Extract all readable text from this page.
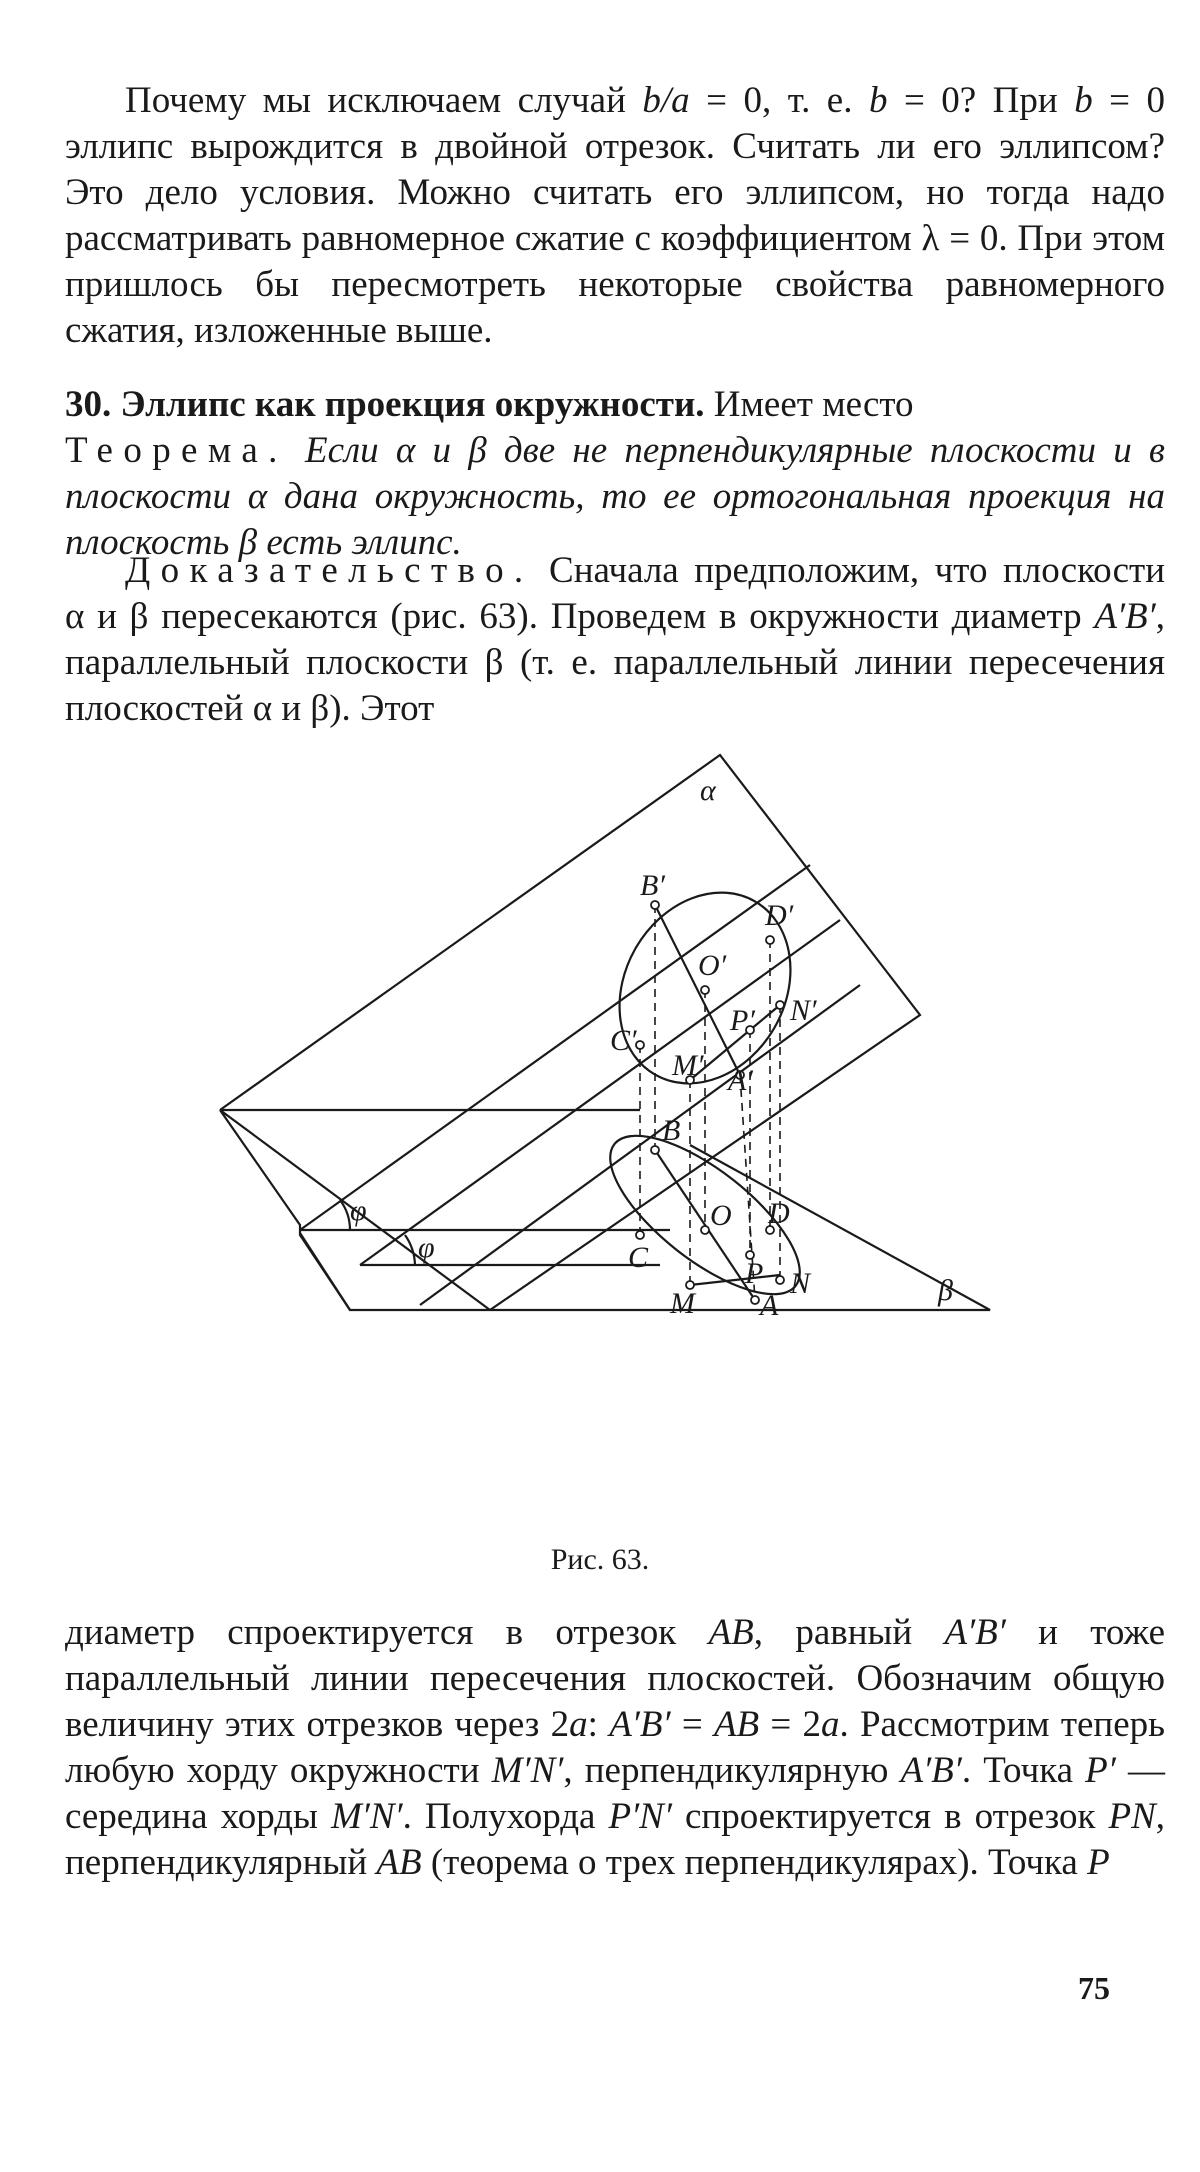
Почему мы исключаем случай b/a = 0, т. е. b = 0? При b = 0 эллипс вырождится в двойной отрезок. Считать ли его эллипсом? Это дело условия. Можно считать его эллипсом, но тогда надо рассматривать равномерное сжатие с коэффициентом λ = 0. При этом пришлось бы пересмотреть некоторые свойства равномерного сжатия, изложенные выше.

30. Эллипс как проекция окружности. Имеет место
Теорема. Если α и β две не перпендикулярные плоскости и в плоскости α дана окружность, то ее ортогональная проекция на плоскость β есть эллипс.

Доказательство. Сначала предположим, что плоскости α и β пересекаются (рис. 63). Проведем в окружности диаметр A′B′, параллельный плоскости β (т. е. параллельный линии пересечения плоскостей α и β). Этот

α
β
φ
φ
B′
D′
O′
N′
P′
C′
M′ A′
B
O D
C	P N
M A
Рис. 63.

диаметр спроектируется в отрезок AB, равный A′B′ и тоже параллельный линии пересечения плоскостей. Обозначим общую величину этих отрезков через 2a: A′B′ = AB = 2a. Рассмотрим теперь любую хорду окружности M′N′, перпендикулярную A′B′. Точка P′ — середина хорды M′N′. Полухорда P′N′ спроектируется в отрезок PN, перпендикулярный AB (теорема о трех перпендикулярах). Точка P

75
